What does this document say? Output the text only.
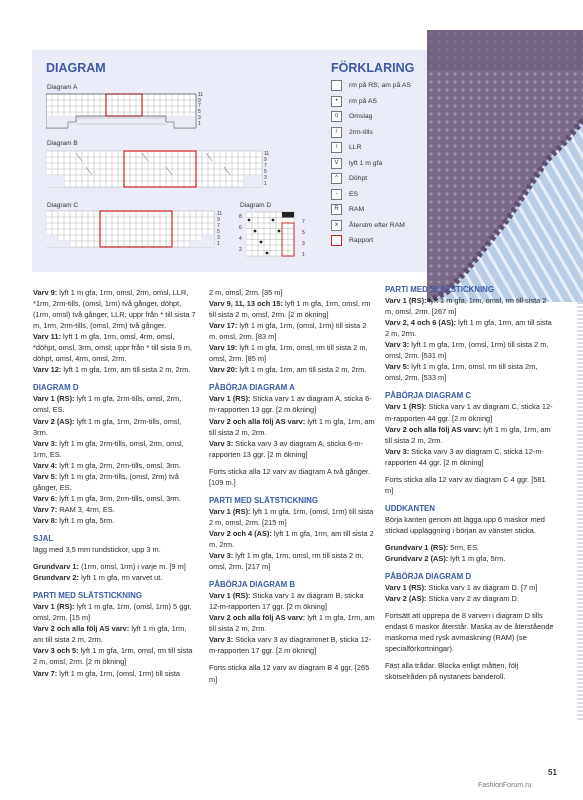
DIAGRAM	FÖRKLARING
Diagram A
Diagram B
Diagram C	Diagram D
11
9
7
5
3
1
11
9
7
5
3
1
11
9
7
5
3
1
8
6
4
2
7
5
3
1
rm på RS; am på AS
•	rm på AS
o	Omslag
/	2rm-tills
\	LLR
V	lyft 1 m gfa
^	Döhpt
-	ES
R	RAM
x	Återstm efter RAM
Rapport
Varv 9: lyft 1 m gfa, 1rm, omsl, 2rm, omsl, LLR, *1rm, 2rm-tills, (omsl, 1rm) två gånger, döhpt, (1rm, omsl) två gånger, LLR; uppr från * till sista 7 m, 1rm, 2rm-tills, (omsl, 2rm) två gånger.
Varv 11: lyft 1 m gfa, 1rm, omsl, 4rm, omsl, *döhpt, omsl, 3rm, omsl; uppr från * till sista 9 m, döhpt, omsl, 4rm, omsl, 2rm.
Varv 12: lyft 1 m gfa, 1rm, am till sista 2 m, 2rm.
DIAGRAM D
Varv 1 (RS): lyft 1 m gfa, 2rm-tills, omsl, 2rm, omsl, ES.
Varv 2 (AS): lyft 1 m gfa, 1rm, 2rm-tills, omsl, 3rm.
Varv 3: lyft 1 m gfa, 2rm-tills, omsl, 2rm, omsl, 1rm, ES.
Varv 4: lyft 1 m gfa, 2rm, 2rm-tills, omsl, 3rm.
Varv 5: lyft 1 m gfa, 2rm-tills, (omsl, 2rm) två gånger, ES.
Varv 6: lyft 1 m gfa, 3rm, 2rm-tills, omsl, 3rm.
Varv 7: RAM 3, 4rm, ES.
Varv 8: lyft 1 m gfa, 5rm.
SJAL
lägg med 3,5 mm rundstickor, upp 3 m.
Grundvarv 1: (1rm, omsl, 1rm) i varje m. [9 m]
Grundvarv 2: lyft 1 m gfa, rm varvet ut.
PARTI MED SLÄTSTICKNING
Varv 1 (RS): lyft 1 m gfa, 1rm, (omsl, 1rm) 5 ggr, omsl, 2rm. [15 m]
Varv 2 och alla följ AS varv: lyft 1 m gfa, 1rm, am till sista 2 m, 2rm.
Varv 3 och 5: lyft 1 m gfa, 1rm, omsl, rm till sista 2 m, omsl, 2rm. [2 m ökning]
Varv 7: lyft 1 m gfa, 1rm, (omsl, 1rm) till sista
2 m, omsl, 2rm. [35 m]
Varv 9, 11, 13 och 15: lyft 1 m gfa, 1rm, omsl, rm till sista 2 m, omsl, 2rm. [2 m ökning]
Varv 17: lyft 1 m gfa, 1rm, (omsl, 1rm) till sista 2 m, omsl, 2rm. [83 m]
Varv 19: lyft 1 m gfa, 1rm, omsl, rm till sista 2 m, omsl, 2rm. [85 m]
Varv 20: lyft 1 m gfa, 1rm, am till sista 2 m, 2rm.
PÅBÖRJA DIAGRAM A
Varv 1 (RS): Sticka varv 1 av diagram A, sticka 6-m-rapporten 13 ggr. [2 m ökning]
Varv 2 och alla följ AS varv: lyft 1 m gfa, 1rm, am till sista 2 m, 2rm.
Varv 3: Sticka varv 3 av diagram A, sticka 6-m-rapporten 13 ggr. [2 m ökning]
Forts sticka alla 12 varv av diagram A två gånger. [109 m.]
PARTI MED SLÄTSTICKNING
Varv 1 (RS): lyft 1 m gfa, 1rm, (omsl, 1rm) till sista 2 m, omsl, 2rm. [215 m]
Varv 2 och 4 (AS): lyft 1 m gfa, 1rm, am till sista 2 m, 2rm.
Varv 3: lyft 1 m gfa, 1rm, omsl, rm till sista 2 m, omsl, 2rm. [217 m]
PÅBÖRJA DIAGRAM B
Varv 1 (RS): Sticka varv 1 av diagram B, sticka 12-m-rapporten 17 ggr. [2 m ökning]
Varv 2 och alla följ AS varv: lyft 1 m gfa, 1rm, am till sista 2 m, 2rm.
Varv 3: Sticka varv 3 av diagrammet B, sticka 12-m-rapporten 17 ggr. [2 m ökning]
Forts sticka alla 12 varv av diagram B 4 ggr. [265 m]
PARTI MED SLÄTSTICKNING
Varv 1 (RS): lyft 1 m gfa, 1rm, omsl, rm till sista 2 m, omsl, 2rm. [267 m]
Varv 2, 4 och 6 (AS): lyft 1 m gfa, 1rm, am till sista 2 m, 2rm.
Varv 3: lyft 1 m gfa, 1rm, (omsl, 1rm) till sista 2 m, omsl, 2rm. [531 m]
Varv 5: lyft 1 m gfa, 1rm, omsl, rm till sista 2m, omsl, 2rm. [533 m]
PÅBÖRJA DIAGRAM C
Varv 1 (RS): Sticka varv 1 av diagram C, sticka 12-m-rapporten 44 ggr. [2 m ökning]
Varv 2 och alla följ AS varv: lyft 1 m gfa, 1rm, am till sista 2 m, 2rm.
Varv 3: Sticka varv 3 av diagram C, sticka 12-m-rapporten 44 ggr. [2 m ökning]
Forts sticka alla 12 varv av diagram C 4 ggr. [581 m]
UDDKANTEN
Börja kanten genom att lägga upp 6 maskor med stickad uppläggning i början av vänster sticka.
Grundvarv 1 (RS): 5rm, ES.
Grundvarv 2 (AS): lyft 1 m gfa, 5rm.
PÅBÖRJA DIAGRAM D
Varv 1 (RS): Sticka varv 1 av diagram D. [7 m]
Varv 2 (AS): Sticka varv 2 av diagram D.
Fortsätt att upprepa de 8 varven i diagram D tills endast 6 maskor återstår. Maska av de återstående maskorna med rysk avmaskning (RAM) (se specialförkortningar).
Fäst alla trådar. Blocka enligt måtten, följ skötselråden på nystanets banderoll.
51
FashionForum.ru
